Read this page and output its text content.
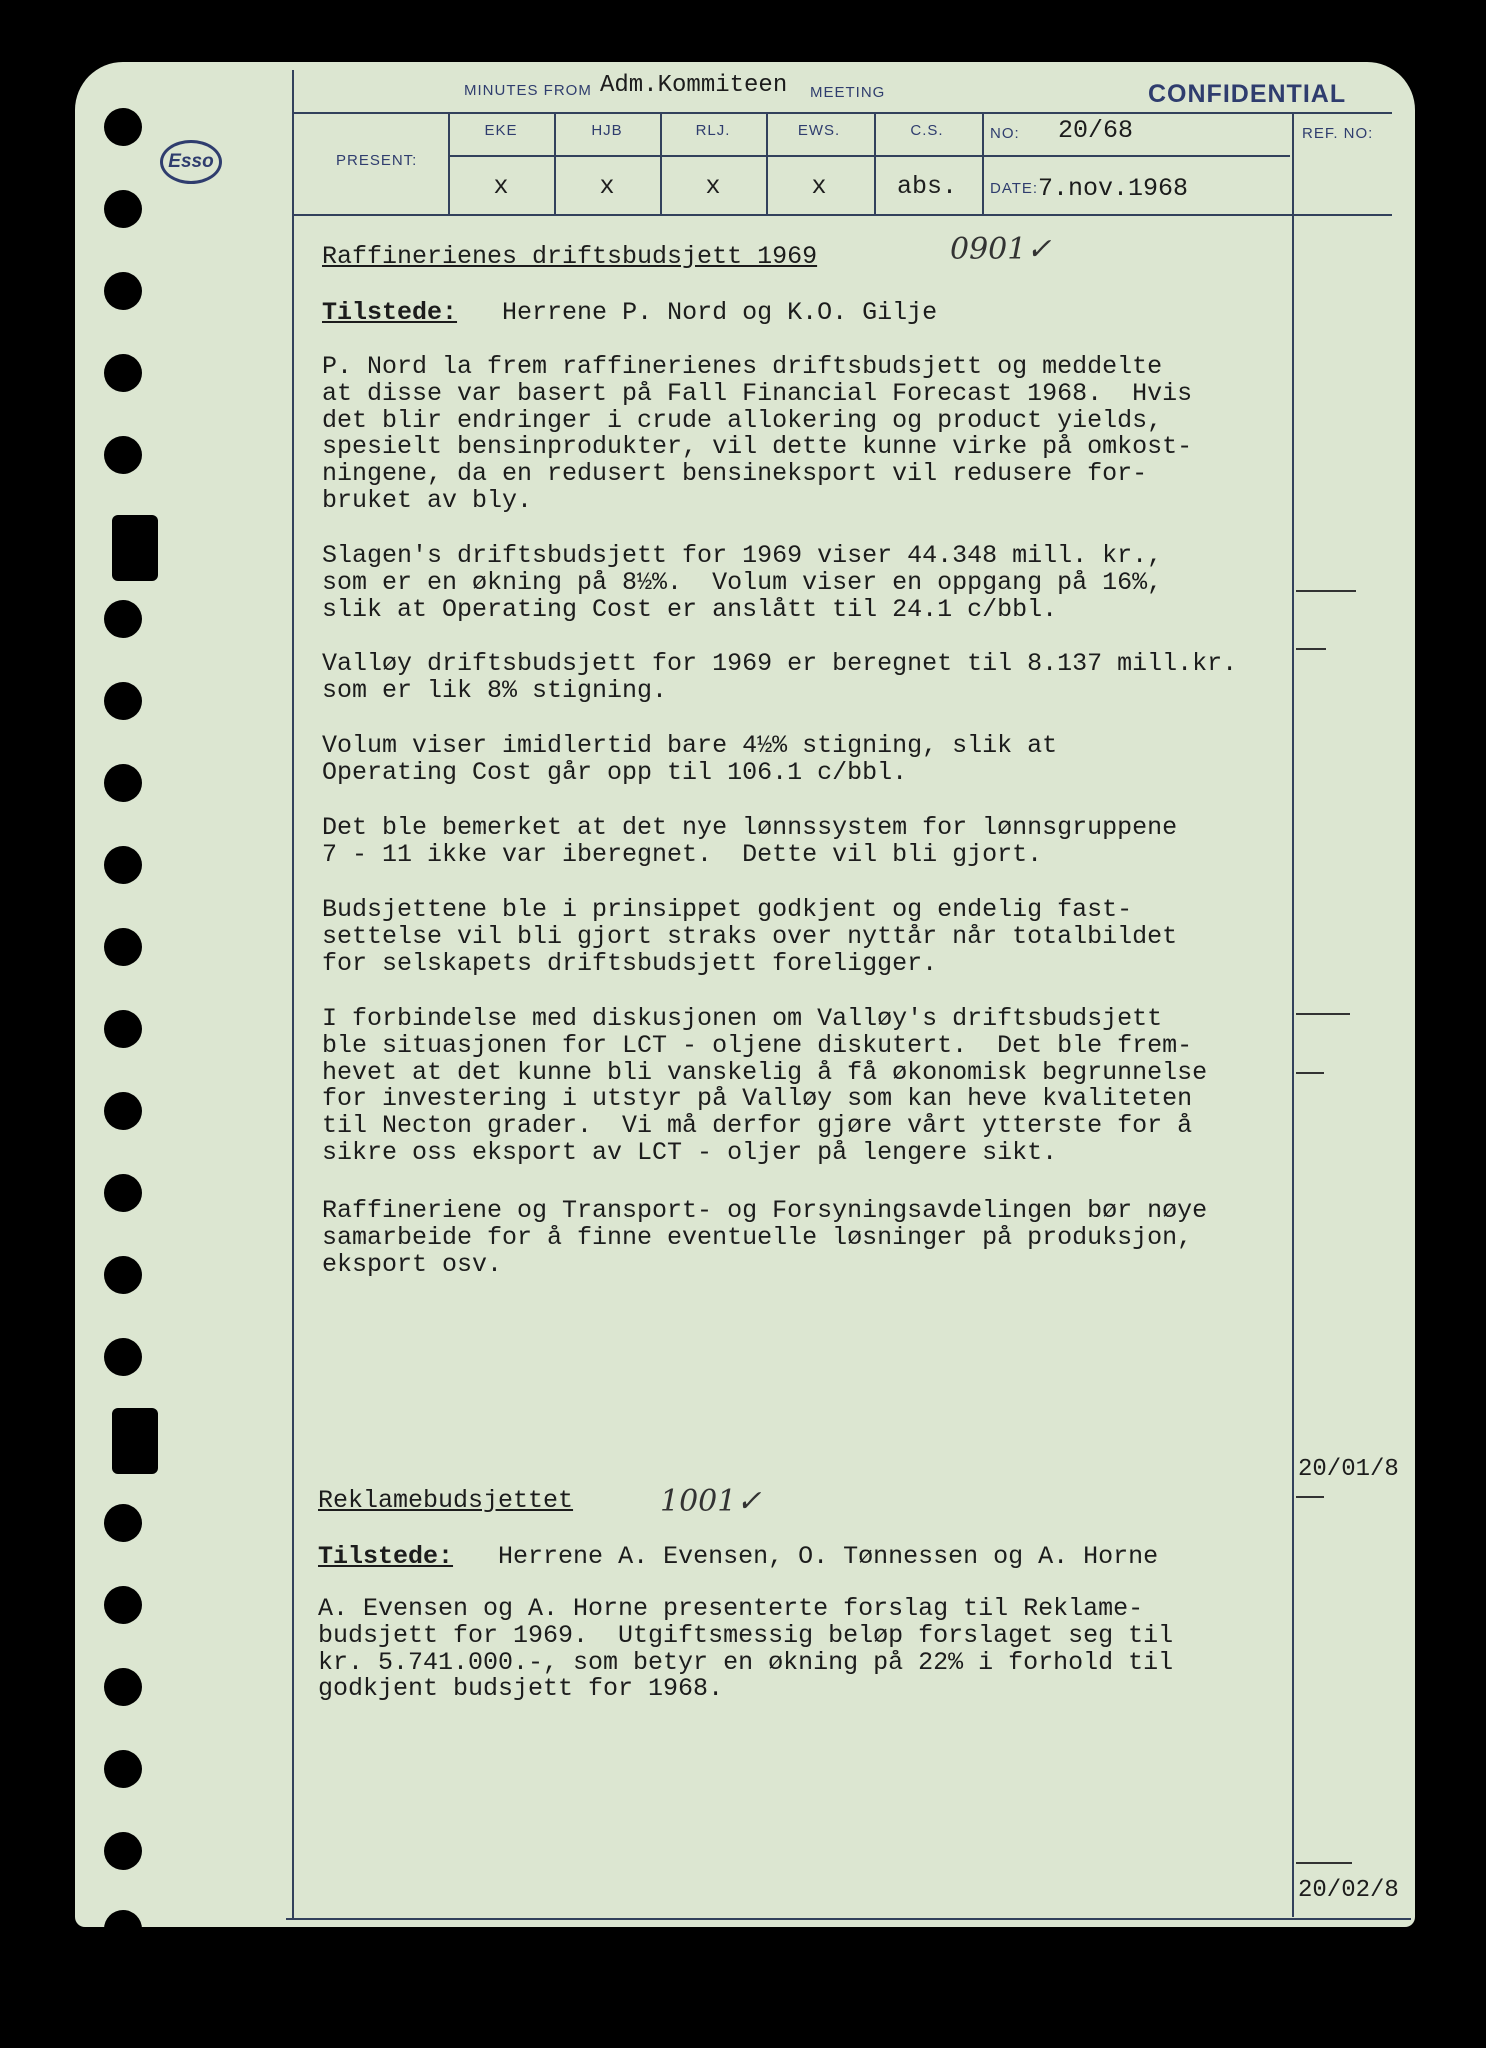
Esso
MINUTES FROM Adm.Kommiteen MEETING	CONFIDENTIAL
PRESENT:
EKE	HJB	RLJ.	EWS.	C.S.
x	x	x	x	abs.
NO: 20/68
DATE: 7.nov.1968
REF. NO:
Raffinerienes driftsbudsjett 1969	0901✓
Tilstede: Herrene P. Nord og K.O. Gilje
P. Nord la frem raffinerienes driftsbudsjett og meddelte
at disse var basert på Fall Financial Forecast 1968.  Hvis
det blir endringer i crude allokering og product yields,
spesielt bensinprodukter, vil dette kunne virke på omkost-
ningene, da en redusert bensineksport vil redusere for-
bruket av bly.
Slagen's driftsbudsjett for 1969 viser 44.348 mill. kr.,
som er en økning på 8½%.  Volum viser en oppgang på 16%,
slik at Operating Cost er anslått til 24.1 c/bbl.
Valløy driftsbudsjett for 1969 er beregnet til 8.137 mill.kr.
som er lik 8% stigning.
Volum viser imidlertid bare 4½% stigning, slik at
Operating Cost går opp til 106.1 c/bbl.
Det ble bemerket at det nye lønnssystem for lønnsgruppene
7 - 11 ikke var iberegnet.  Dette vil bli gjort.
Budsjettene ble i prinsippet godkjent og endelig fast-
settelse vil bli gjort straks over nyttår når totalbildet
for selskapets driftsbudsjett foreligger.
I forbindelse med diskusjonen om Valløy's driftsbudsjett
ble situasjonen for LCT - oljene diskutert.  Det ble frem-
hevet at det kunne bli vanskelig å få økonomisk begrunnelse
for investering i utstyr på Valløy som kan heve kvaliteten
til Necton grader.  Vi må derfor gjøre vårt ytterste for å
sikre oss eksport av LCT - oljer på lengere sikt.
Raffineriene og Transport- og Forsyningsavdelingen bør nøye
samarbeide for å finne eventuelle løsninger på produksjon,
eksport osv.
20/01/8
Reklamebudsjettet	1001✓
Tilstede: Herrene A. Evensen, O. Tønnessen og A. Horne
A. Evensen og A. Horne presenterte forslag til Reklame-
budsjett for 1969.  Utgiftsmessig beløp forslaget seg til
kr. 5.741.000.-, som betyr en økning på 22% i forhold til
godkjent budsjett for 1968.
20/02/8
